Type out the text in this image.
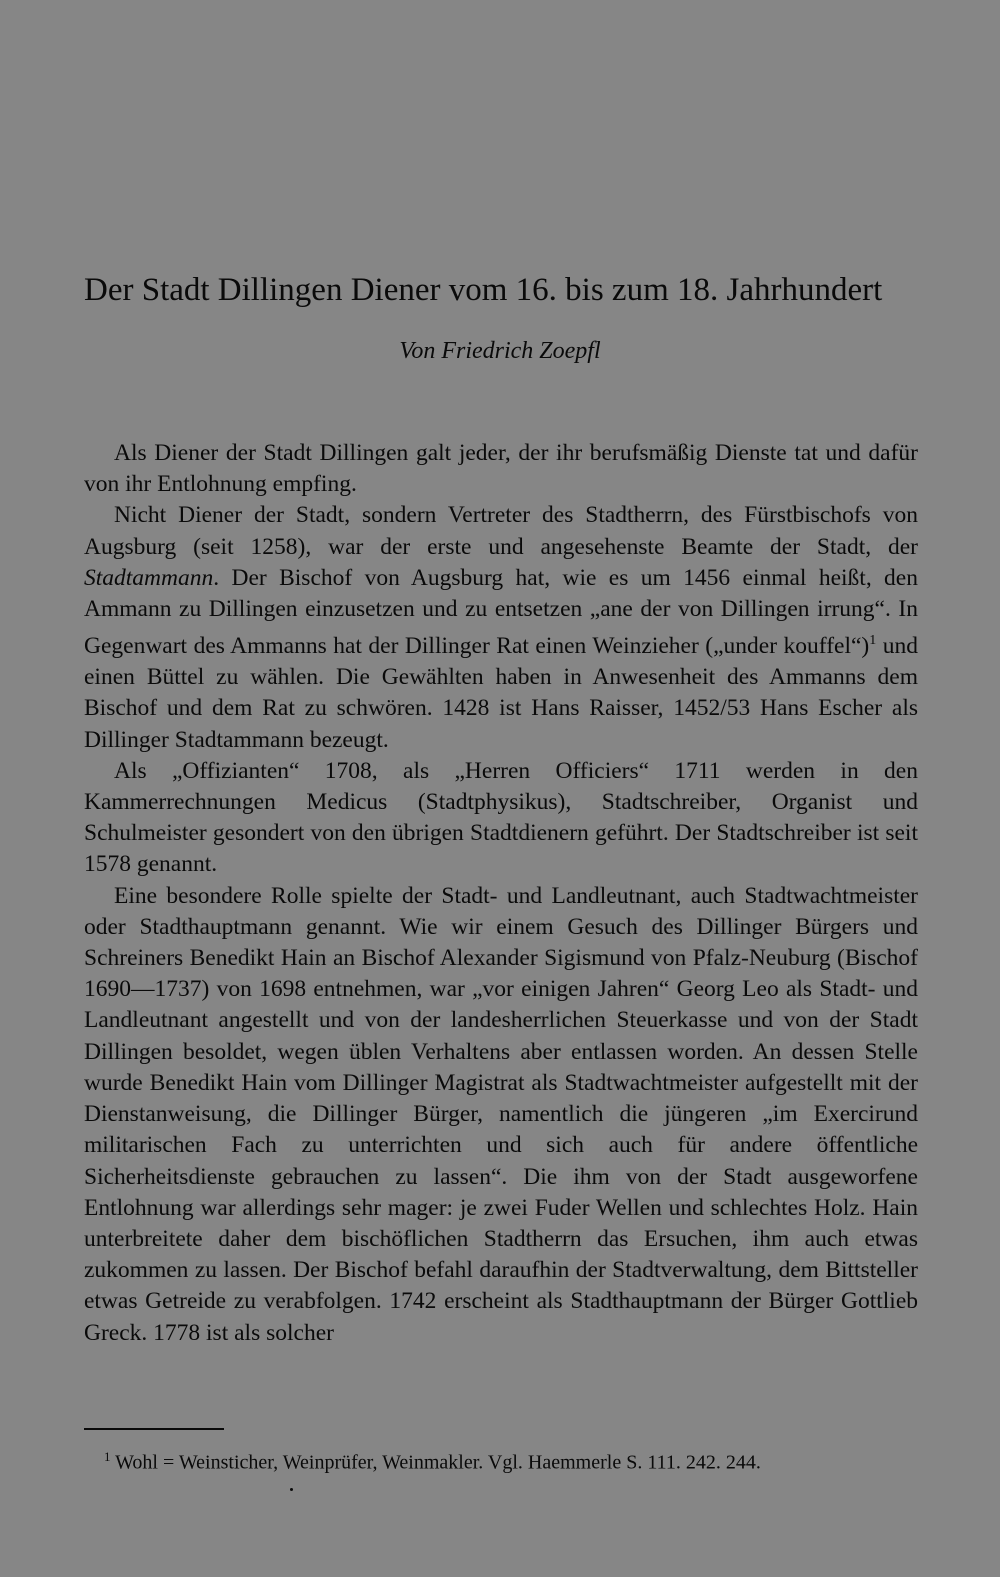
Der Stadt Dillingen Diener vom 16. bis zum 18. Jahrhundert
Von Friedrich Zoepfl

Als Diener der Stadt Dillingen galt jeder, der ihr berufsmäßig Dienste tat und dafür von ihr Entlohnung empfing.

Nicht Diener der Stadt, sondern Vertreter des Stadtherrn, des Fürstbischofs von Augsburg (seit 1258), war der erste und angesehenste Beamte der Stadt, der Stadtammann. Der Bischof von Augsburg hat, wie es um 1456 einmal heißt, den Ammann zu Dillingen einzusetzen und zu entsetzen „ane der von Dillingen irrung“. In Gegenwart des Ammanns hat der Dillinger Rat einen Weinzieher („under kouffel“)$^1$ und einen Büttel zu wählen. Die Gewählten haben in Anwesenheit des Ammanns dem Bischof und dem Rat zu schwören. 1428 ist Hans Raisser, 1452/53 Hans Escher als Dillinger Stadtammann bezeugt.

Als „Offizianten“ 1708, als „Herren Officiers“ 1711 werden in den Kammerrechnungen Medicus (Stadtphysikus), Stadtschreiber, Organist und Schulmeister gesondert von den übrigen Stadtdienern geführt. Der Stadtschreiber ist seit 1578 genannt.

Eine besondere Rolle spielte der Stadt- und Landleutnant, auch Stadtwachtmeister oder Stadthauptmann genannt. Wie wir einem Gesuch des Dillinger Bürgers und Schreiners Benedikt Hain an Bischof Alexander Sigismund von Pfalz-Neuburg (Bischof 1690—1737) von 1698 entnehmen, war „vor einigen Jahren“ Georg Leo als Stadt- und Landleutnant angestellt und von der landesherrlichen Steuerkasse und von der Stadt Dillingen besoldet, wegen üblen Verhaltens aber entlassen worden. An dessen Stelle wurde Benedikt Hain vom Dillinger Magistrat als Stadtwachtmeister aufgestellt mit der Dienstanweisung, die Dillinger Bürger, namentlich die jüngeren „im Exercirund militarischen Fach zu unterrichten und sich auch für andere öffentliche Sicherheitsdienste gebrauchen zu lassen“. Die ihm von der Stadt ausgeworfene Entlohnung war allerdings sehr mager: je zwei Fuder Wellen und schlechtes Holz. Hain unterbreitete daher dem bischöflichen Stadtherrn das Ersuchen, ihm auch etwas zukommen zu lassen. Der Bischof befahl daraufhin der Stadtverwaltung, dem Bittsteller etwas Getreide zu verabfolgen. 1742 erscheint als Stadthauptmann der Bürger Gottlieb Greck. 1778 ist als solcher

$^1$ Wohl = Weinsticher, Weinprüfer, Weinmakler. Vgl. Haemmerle S. 111. 242. 244.
